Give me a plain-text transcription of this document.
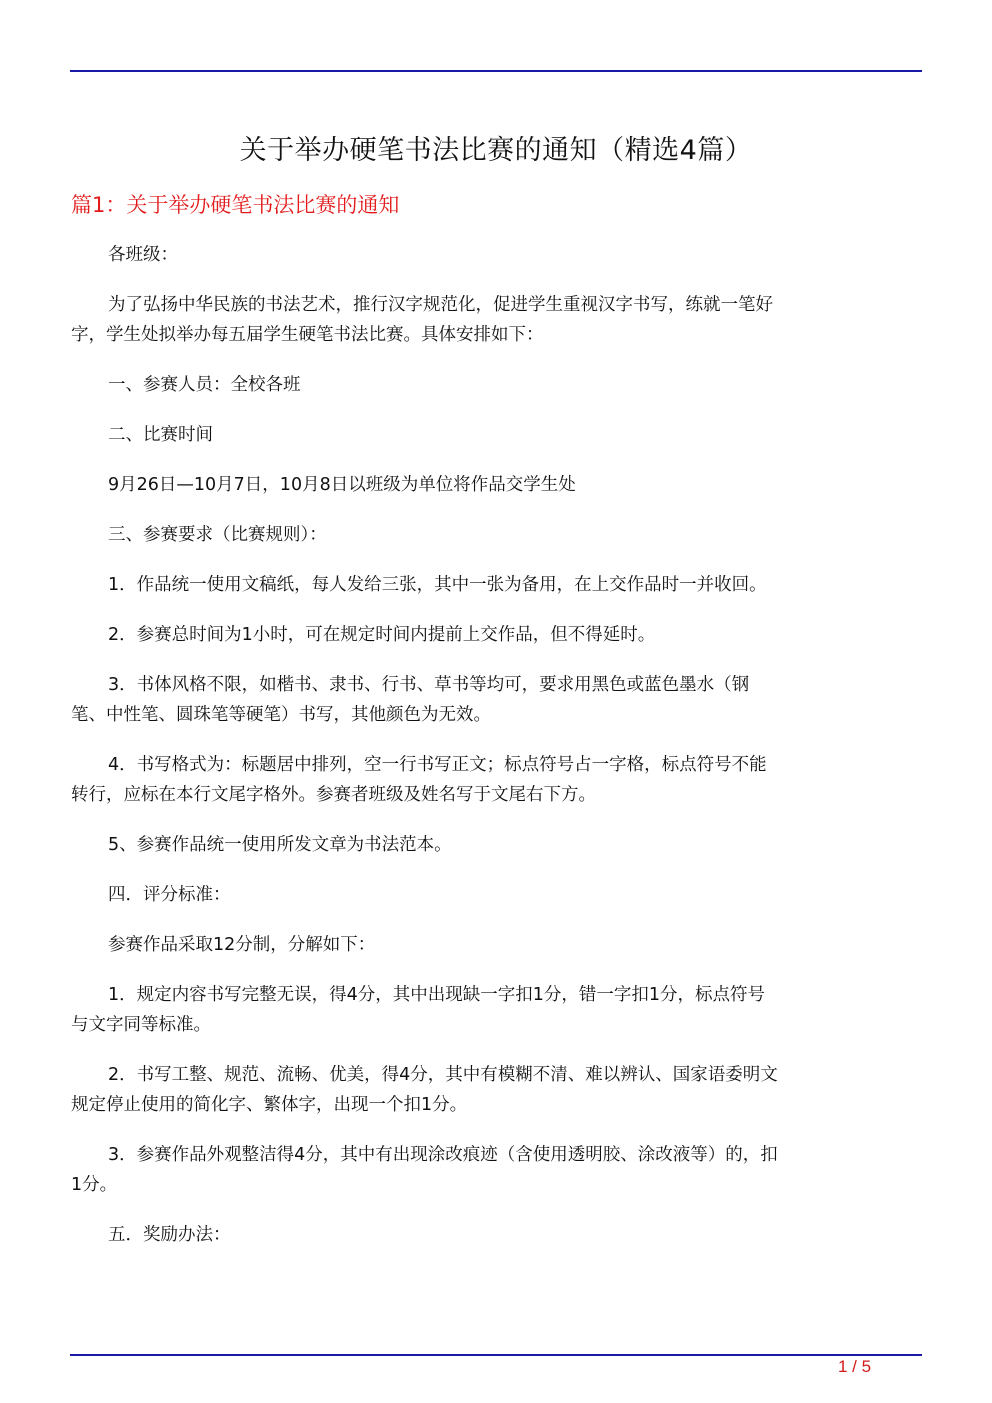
关于举办硬笔书法比赛的通知（精选4篇）
篇1：关于举办硬笔书法比赛的通知

各班级：

为了弘扬中华民族的书法艺术，推行汉字规范化，促进学生重视汉字书写，练就一笔好字，学生处拟举办每五届学生硬笔书法比赛。具体安排如下：

一、参赛人员：全校各班

二、比赛时间

9月26日—10月7日，10月8日以班级为单位将作品交学生处

三、参赛要求（比赛规则）：

1．作品统一使用文稿纸，每人发给三张，其中一张为备用，在上交作品时一并收回。

2．参赛总时间为1小时，可在规定时间内提前上交作品，但不得延时。

3．书体风格不限，如楷书、隶书、行书、草书等均可，要求用黑色或蓝色墨水（钢笔、中性笔、圆珠笔等硬笔）书写，其他颜色为无效。

4．书写格式为：标题居中排列，空一行书写正文；标点符号占一字格，标点符号不能转行，应标在本行文尾字格外。参赛者班级及姓名写于文尾右下方。

5、参赛作品统一使用所发文章为书法范本。

四．评分标准：

参赛作品采取12分制，分解如下：

1．规定内容书写完整无误，得4分，其中出现缺一字扣1分，错一字扣1分，标点符号与文字同等标准。

2．书写工整、规范、流畅、优美，得4分，其中有模糊不清、难以辨认、国家语委明文规定停止使用的简化字、繁体字，出现一个扣1分。

3．参赛作品外观整洁得4分，其中有出现涂改痕迹（含使用透明胶、涂改液等）的，扣1分。

五．奖励办法：

1 / 5
